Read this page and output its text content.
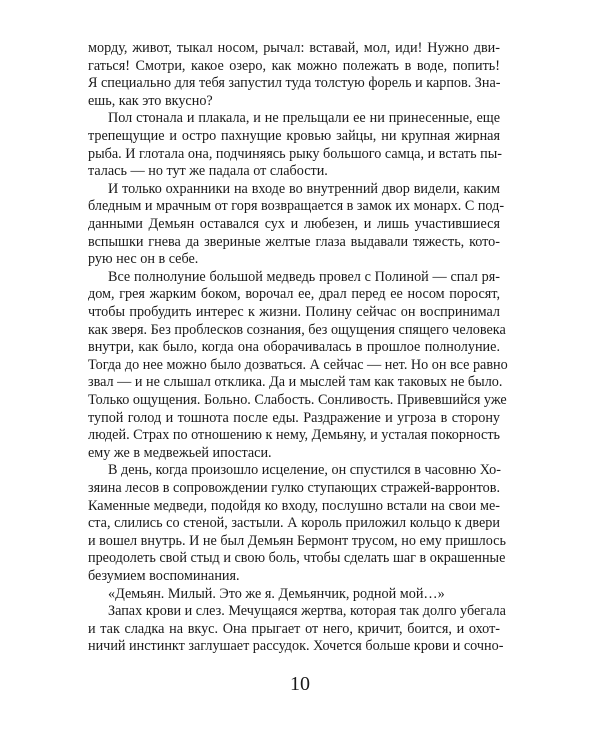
морду, живот, тыкал носом, рычал: вставай, мол, иди! Нужно дви-
гаться! Смотри, какое озеро, как можно полежать в воде, попить!
Я специально для тебя запустил туда толстую форель и карпов. Зна-
ешь, как это вкусно?
Пол стонала и плакала, и не прельщали ее ни принесенные, еще
трепещущие и остро пахнущие кровью зайцы, ни крупная жирная
рыба. И глотала она, подчиняясь рыку большого самца, и встать пы-
талась — но тут же падала от слабости.
И только охранники на входе во внутренний двор видели, каким
бледным и мрачным от горя возвращается в замок их монарх. С под-
данными Демьян оставался сух и любезен, и лишь участившиеся
вспышки гнева да звериные желтые глаза выдавали тяжесть, кото-
рую нес он в себе.
Все полнолуние большой медведь провел с Полиной — спал ря-
дом, грея жарким боком, ворочал ее, драл перед ее носом поросят,
чтобы пробудить интерес к жизни. Полину сейчас он воспринимал
как зверя. Без проблесков сознания, без ощущения спящего человека
внутри, как было, когда она оборачивалась в прошлое полнолуние.
Тогда до нее можно было дозваться. А сейчас — нет. Но он все равно
звал — и не слышал отклика. Да и мыслей там как таковых не было.
Только ощущения. Больно. Слабость. Сонливость. Привевшийся уже
тупой голод и тошнота после еды. Раздражение и угроза в сторону
людей. Страх по отношению к нему, Демьяну, и усталая покорность
ему же в медвежьей ипостаси.
В день, когда произошло исцеление, он спустился в часовню Хо-
зяина лесов в сопровождении гулко ступающих стражей-варронтов.
Каменные медведи, подойдя ко входу, послушно встали на свои ме-
ста, слились со стеной, застыли. А король приложил кольцо к двери
и вошел внутрь. И не был Демьян Бермонт трусом, но ему пришлось
преодолеть свой стыд и свою боль, чтобы сделать шаг в окрашенные
безумием воспоминания.
«Демьян. Милый. Это же я. Демьянчик, родной мой…»
Запах крови и слез. Мечущаяся жертва, которая так долго убегала
и так сладка на вкус. Она прыгает от него, кричит, боится, и охот-
ничий инстинкт заглушает рассудок. Хочется больше крови и сочно-
10
